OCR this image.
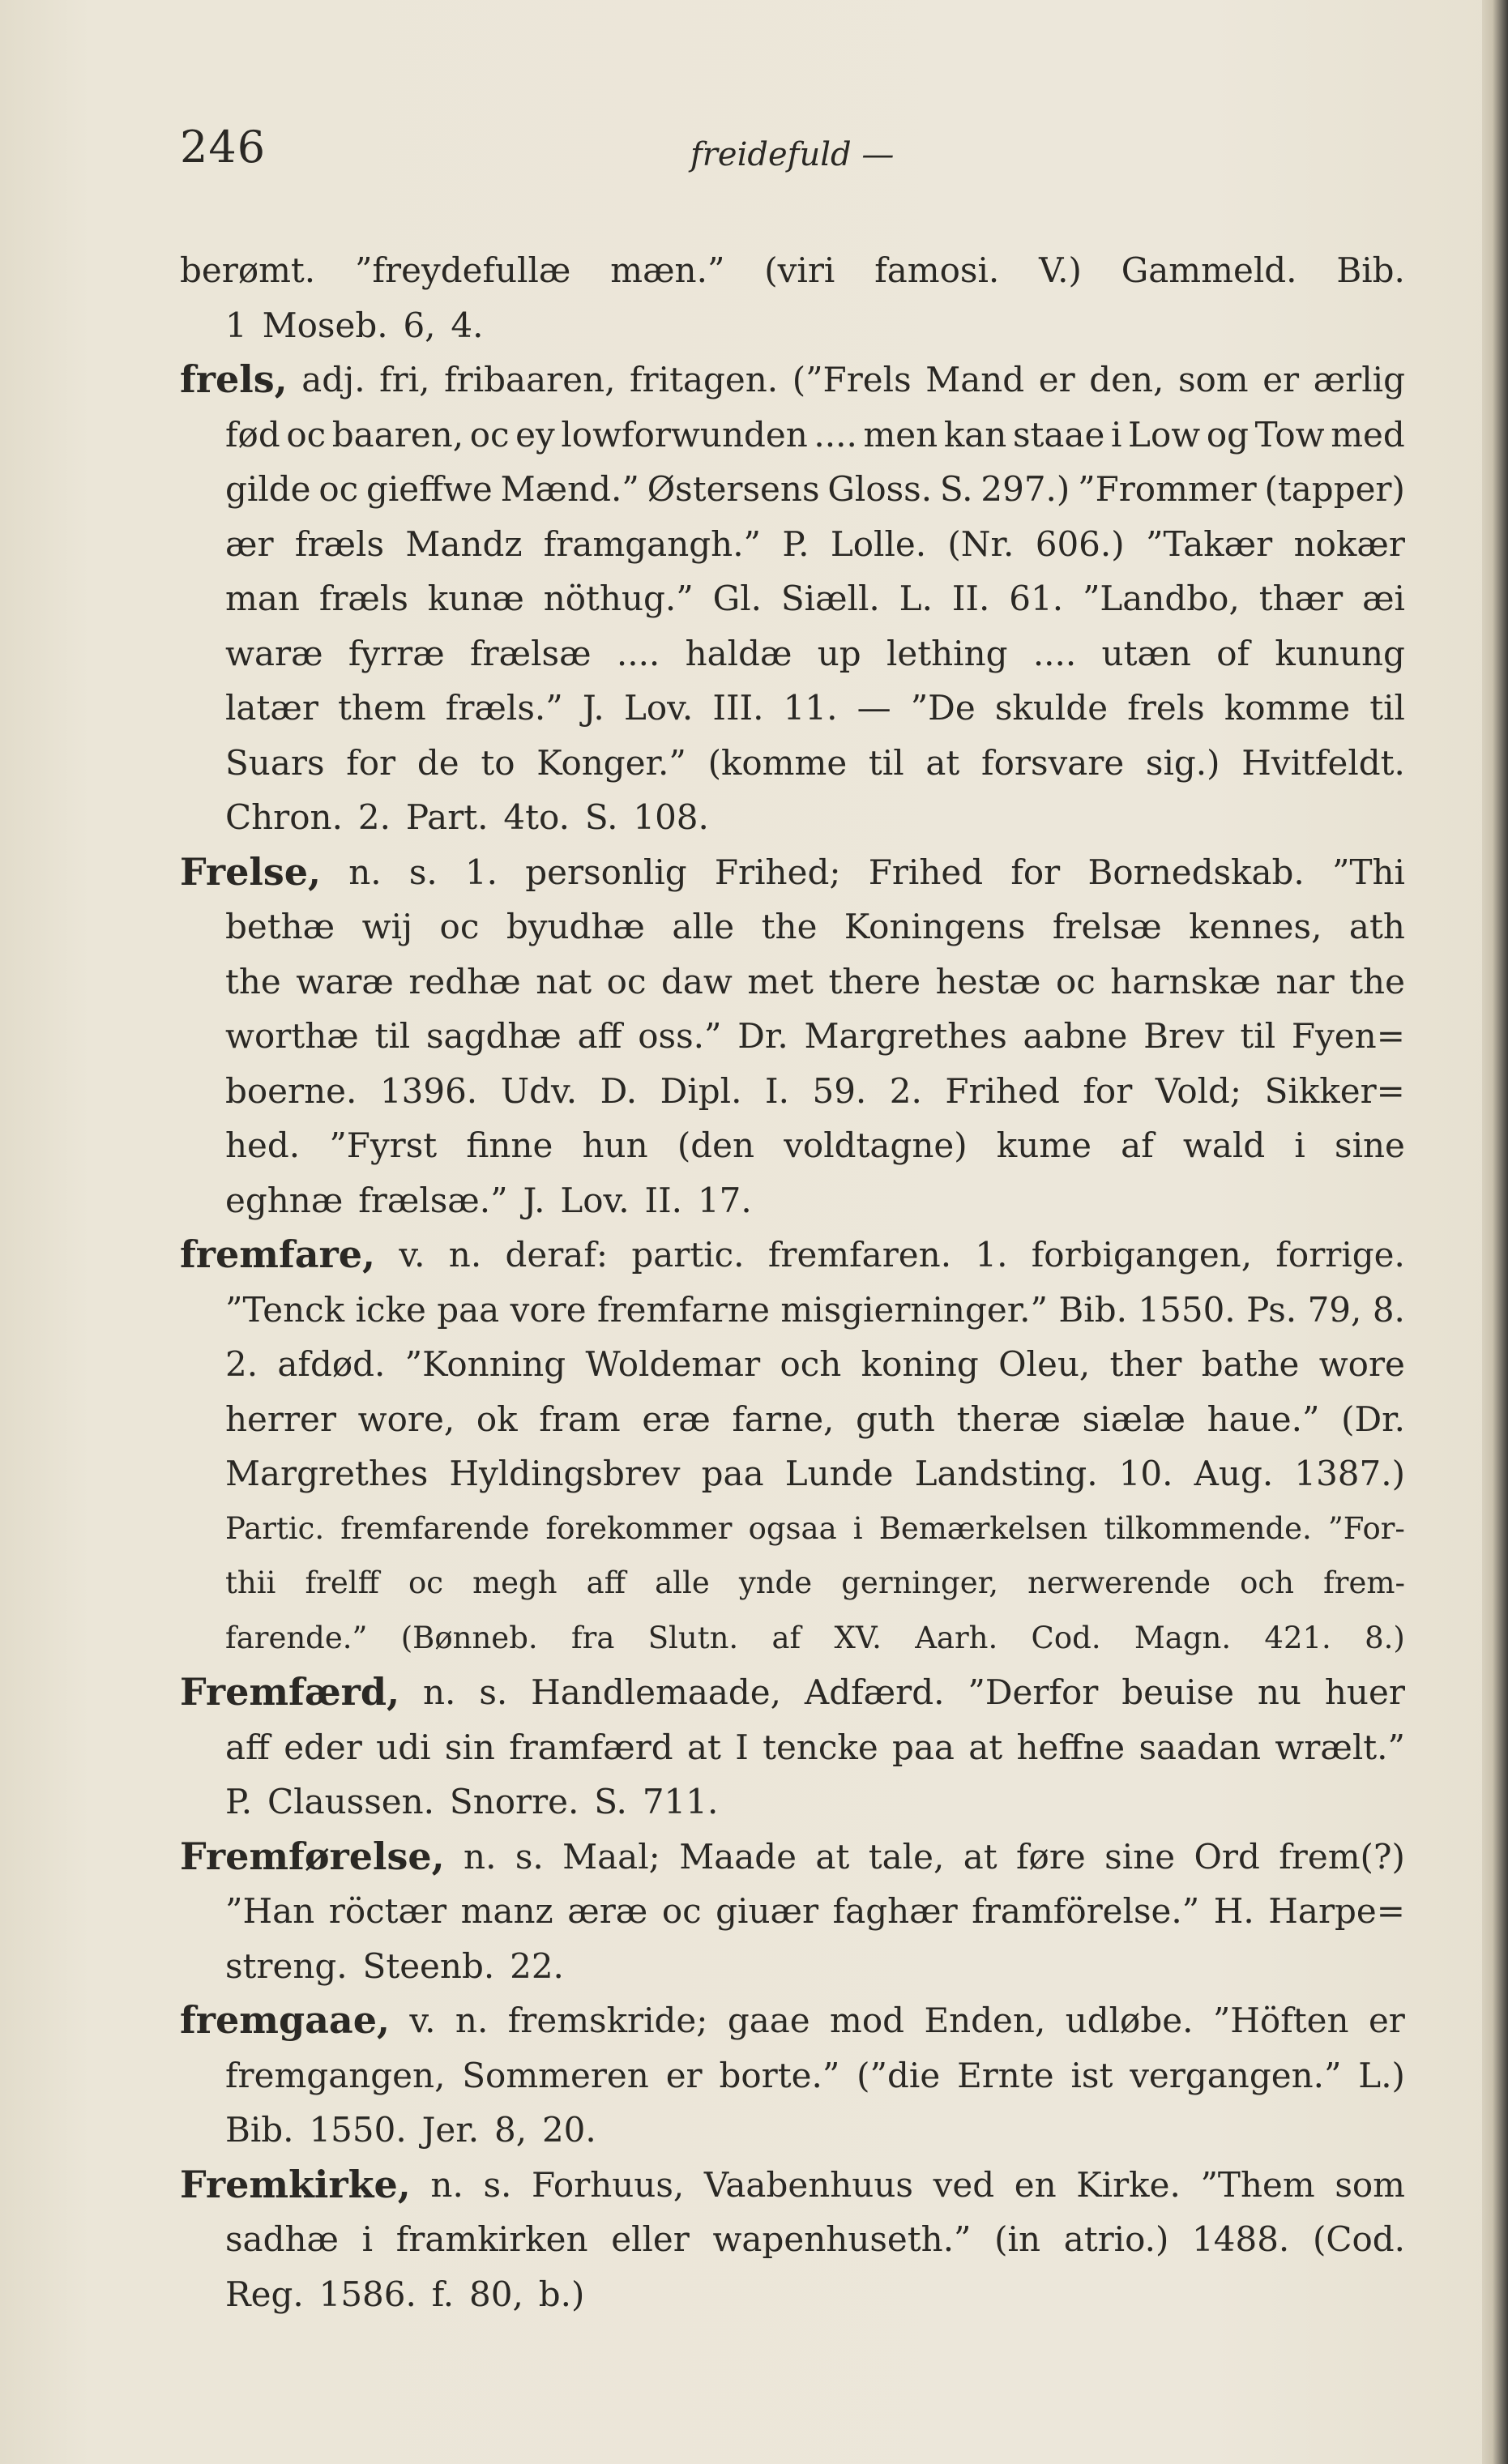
246	freidefuld —
berømt. ”freydefullæ mæn.” (viri famosi. V.) Gammeld. Bib.
1 Moseb. 6, 4.
frels, adj. fri, fribaaren, fritagen. (”Frels Mand er den, som er ærlig
fød oc baaren, oc ey lowforwunden .... men kan staae i Low og Tow med
gilde oc gieffwe Mænd.” Østersens Gloss. S. 297.) ”Frommer (tapper)
ær fræls Mandz framgangh.” P. Lolle. (Nr. 606.) ”Takær nokær
man fræls kunæ nöthug.” Gl. Siæll. L. II. 61. ”Landbo, thær æi
waræ fyrræ frælsæ .... haldæ up lething .... utæn of kunung
latær them fræls.” J. Lov. III. 11. — ”De skulde frels komme til
Suars for de to Konger.” (komme til at forsvare sig.) Hvitfeldt.
Chron. 2. Part. 4to. S. 108.
Frelse, n. s. 1. personlig Frihed; Frihed for Bornedskab. ”Thi
bethæ wij oc byudhæ alle the Koningens frelsæ kennes, ath
the waræ redhæ nat oc daw met there hestæ oc harnskæ nar the
worthæ til sagdhæ aff oss.” Dr. Margrethes aabne Brev til Fyen=
boerne. 1396. Udv. D. Dipl. I. 59. 2. Frihed for Vold; Sikker=
hed. ”Fyrst finne hun (den voldtagne) kume af wald i sine
eghnæ frælsæ.” J. Lov. II. 17.
fremfare, v. n. deraf: partic. fremfaren. 1. forbigangen, forrige.
”Tenck icke paa vore fremfarne misgierninger.” Bib. 1550. Ps. 79, 8.
2. afdød. ”Konning Woldemar och koning Oleu, ther bathe wore
herrer wore, ok fram eræ farne, guth theræ siælæ haue.” (Dr.
Margrethes Hyldingsbrev paa Lunde Landsting. 10. Aug. 1387.)
Partic. fremfarende forekommer ogsaa i Bemærkelsen tilkommende. ”For-
thii frelff oc megh aff alle ynde gerninger, nerwerende och frem-
farende.” (Bønneb. fra Slutn. af XV. Aarh. Cod. Magn. 421. 8.)
Fremfærd, n. s. Handlemaade, Adfærd. ”Derfor beuise nu huer
aff eder udi sin framfærd at I tencke paa at heffne saadan wrælt.”
P. Claussen. Snorre. S. 711.
Fremførelse, n. s. Maal; Maade at tale, at føre sine Ord frem(?)
”Han röctær manz æræ oc giuær faghær framförelse.” H. Harpe=
streng. Steenb. 22.
fremgaae, v. n. fremskride; gaae mod Enden, udløbe. ”Höften er
fremgangen, Sommeren er borte.” (”die Ernte ist vergangen.” L.)
Bib. 1550. Jer. 8, 20.
Fremkirke, n. s. Forhuus, Vaabenhuus ved en Kirke. ”Them som
sadhæ i framkirken eller wapenhuseth.” (in atrio.) 1488. (Cod.
Reg. 1586. f. 80, b.)
